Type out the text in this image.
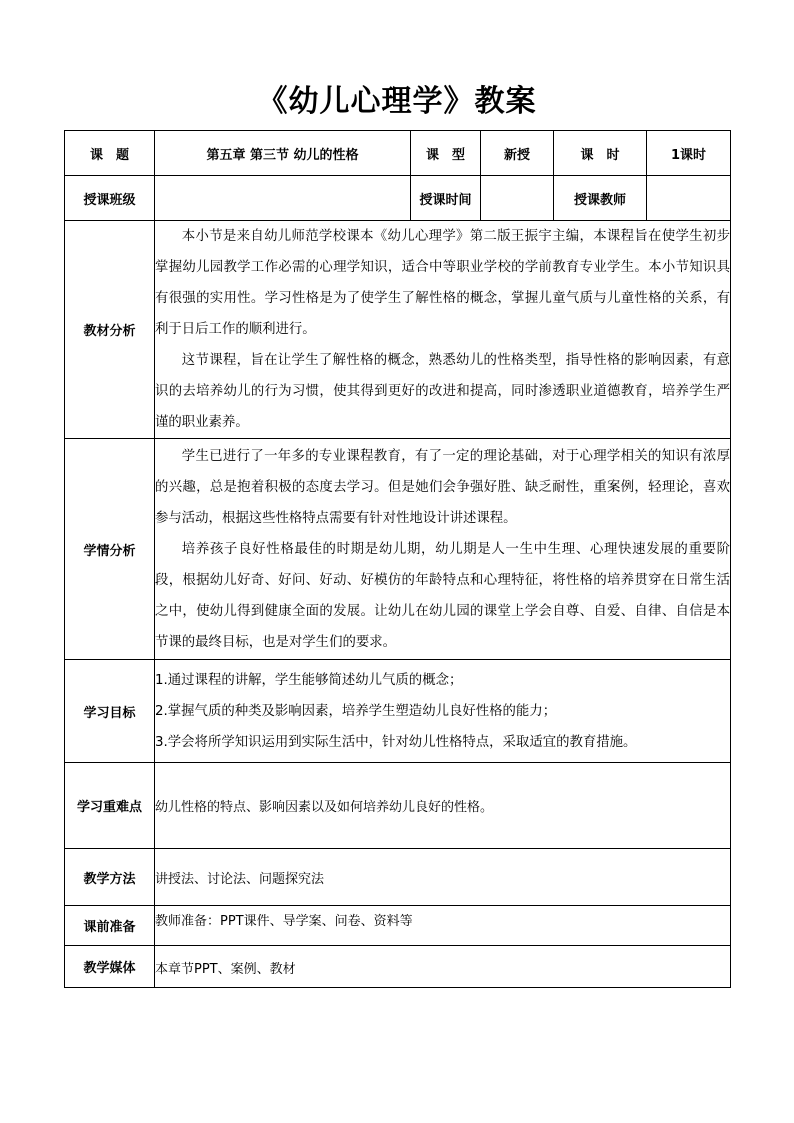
《幼儿心理学》教案
课　题	第五章 第三节 幼儿的性格	课　型	新授	课　时	1课时
授课班级		授课时间		授课教师	
教材分析	本小节是来自幼儿师范学校课本《幼儿心理学》第二版王振宇主编，本课程旨在使学生初步掌握幼儿园教学工作必需的心理学知识，适合中等职业学校的学前教育专业学生。本小节知识具有很强的实用性。学习性格是为了使学生了解性格的概念，掌握儿童气质与儿童性格的关系，有利于日后工作的顺利进行。

这节课程，旨在让学生了解性格的概念，熟悉幼儿的性格类型，指导性格的影响因素，有意识的去培养幼儿的行为习惯，使其得到更好的改进和提高，同时渗透职业道德教育，培养学生严谨的职业素养。				

学情分析	学生已进行了一年多的专业课程教育，有了一定的理论基础，对于心理学相关的知识有浓厚的兴趣，总是抱着积极的态度去学习。但是她们会争强好胜、缺乏耐性，重案例，轻理论，喜欢参与活动，根据这些性格特点需要有针对性地设计讲述课程。

培养孩子良好性格最佳的时期是幼儿期，幼儿期是人一生中生理、心理快速发展的重要阶段，根据幼儿好奇、好问、好动、好模仿的年龄特点和心理特征，将性格的培养贯穿在日常生活之中，使幼儿得到健康全面的发展。让幼儿在幼儿园的课堂上学会自尊、自爱、自律、自信是本节课的最终目标，也是对学生们的要求。				

学习目标	1.通过课程的讲解，学生能够简述幼儿气质的概念；

2.掌握气质的种类及影响因素，培养学生塑造幼儿良好性格的能力；

3.学会将所学知识运用到实际生活中，针对幼儿性格特点，采取适宜的教育措施。				

学习重难点	幼儿性格的特点、影响因素以及如何培养幼儿良好的性格。				
教学方法	讲授法、讨论法、问题探究法				
课前准备	教师准备：PPT课件、导学案、问卷、资料等				
教学媒体	本章节PPT、案例、教材				
